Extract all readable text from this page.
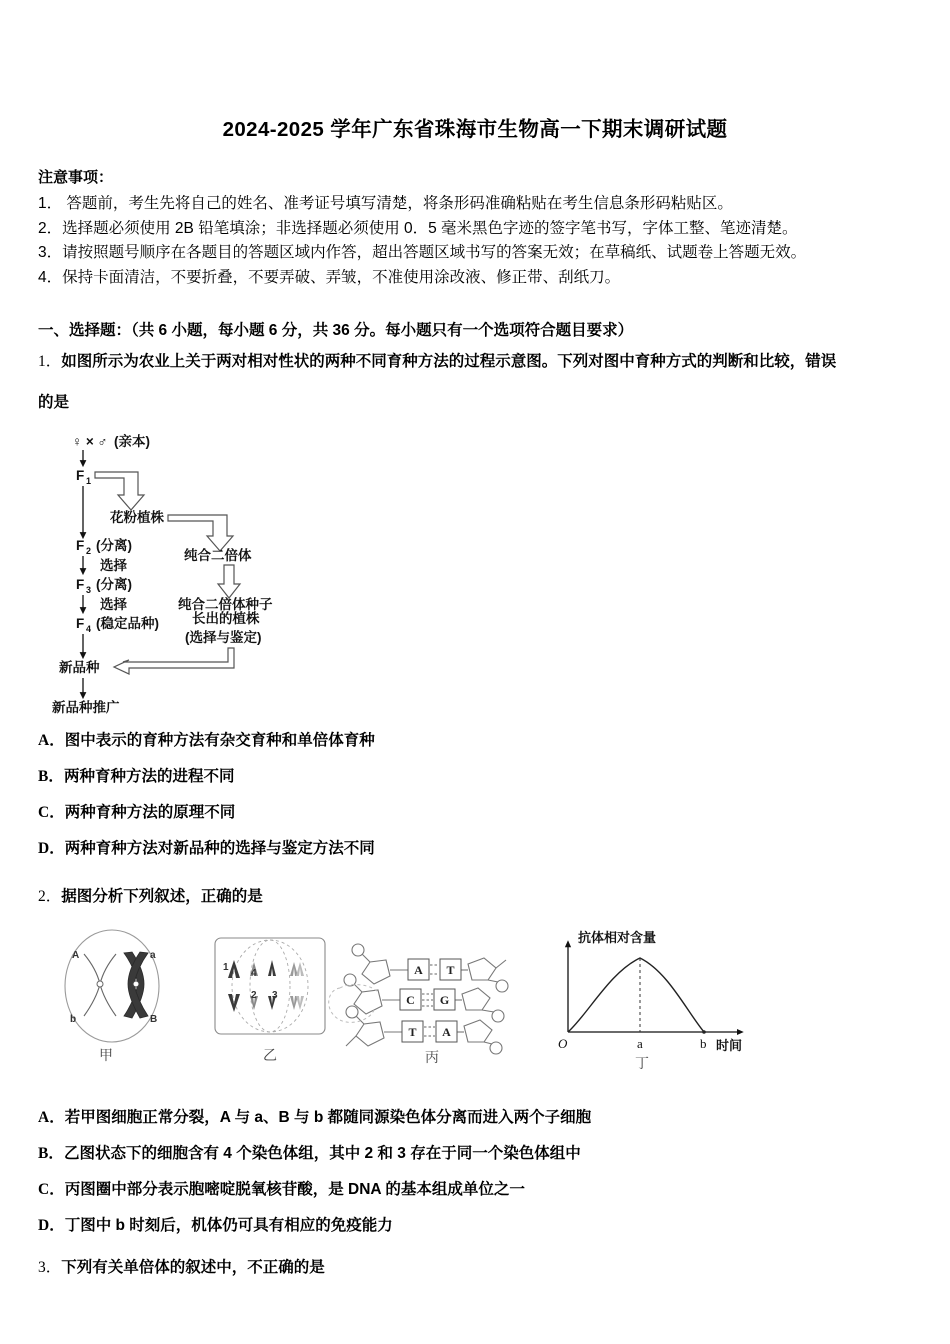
2024-2025 学年广东省珠海市生物高一下期末调研试题
注意事项：
1． 答题前，考生先将自己的姓名、准考证号填写清楚，将条形码准确粘贴在考生信息条形码粘贴区。
2．选择题必须使用 2B 铅笔填涂；非选择题必须使用 0．5 毫米黑色字迹的签字笔书写，字体工整、笔迹清楚。
3．请按照题号顺序在各题目的答题区域内作答，超出答题区域书写的答案无效；在草稿纸、试题卷上答题无效。
4．保持卡面清洁，不要折叠，不要弄破、弄皱，不准使用涂改液、修正带、刮纸刀。
一、选择题：（共 6 小题，每小题 6 分，共 36 分。每小题只有一个选项符合题目要求）
1．如图所示为农业上关于两对相对性状的两种不同育种方法的过程示意图。下列对图中育种方式的判断和比较，错误
的是
♀ × ♂ (亲本)
F 1
花粉植株
F 2 (分离)
选择
F 3 (分离)
选择
F 4 (稳定品种)
纯合二倍体
纯合二倍体种子
长出的植株
(选择与鉴定)
新品种
新品种推广
A．图中表示的育种方法有杂交育种和单倍体育种
B．两种育种方法的进程不同
C．两种育种方法的原理不同
D．两种育种方法对新品种的选择与鉴定方法不同
2．据图分析下列叙述，正确的是
A	a
b	B
甲
1
4
2 3
乙
A T
C G
T A
丙
抗体相对含量
时间
O	a	b
丁
A．若甲图细胞正常分裂，A 与 a、B 与 b 都随同源染色体分离而进入两个子细胞
B．乙图状态下的细胞含有 4 个染色体组，其中 2 和 3 存在于同一个染色体组中
C．丙图圈中部分表示胞嘧啶脱氧核苷酸，是 DNA 的基本组成单位之一
D．丁图中 b 时刻后，机体仍可具有相应的免疫能力
3．下列有关单倍体的叙述中，不正确的是
